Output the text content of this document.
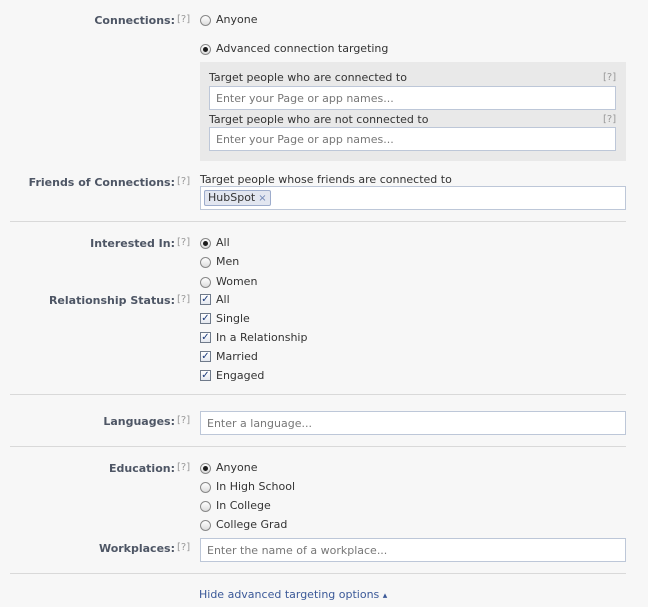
Connections: [?] Anyone
Advanced connection targeting
Target people who are connected to	[?]
Enter your Page or app names...
Target people who are not connected to	[?]
Enter your Page or app names...
Friends of Connections: [?] Target people whose friends are connected to
HubSpot ×
Interested In: [?] All
Men
Women
Relationship Status: [?] ✓ All
✓ Single
✓ In a Relationship
✓ Married
✓ Engaged
Languages: [?]
Enter a language...
Education: [?] Anyone
In High School
In College
College Grad
Workplaces: [?]
Enter the name of a workplace...
Hide advanced targeting options ▴
